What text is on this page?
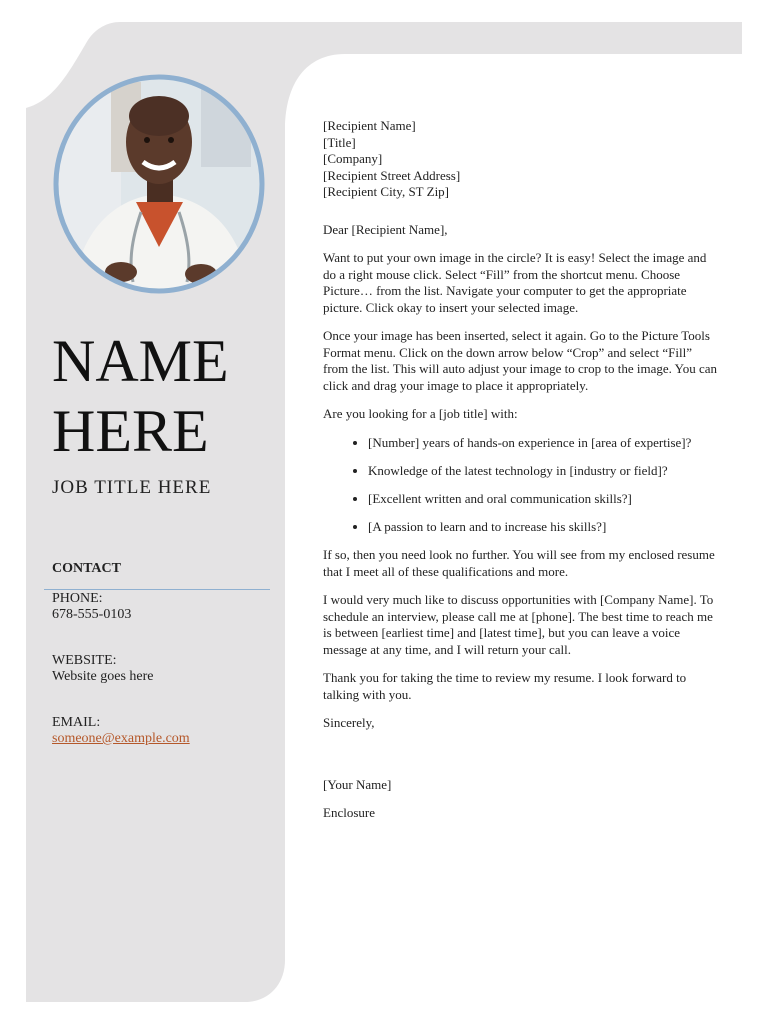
NAME
HERE
JOB TITLE HERE
CONTACT
PHONE:
678-555-0103
WEBSITE:
Website goes here
EMAIL:
someone@example.com
[Recipient Name]
[Title]
[Company]
[Recipient Street Address]
[Recipient City, ST Zip]

Dear [Recipient Name],

Want to put your own image in the circle? It is easy! Select the image and do a right mouse click. Select “Fill” from the shortcut menu. Choose Picture… from the list. Navigate your computer to get the appropriate picture. Click okay to insert your selected image.

Once your image has been inserted, select it again. Go to the Picture Tools Format menu. Click on the down arrow below “Crop” and select “Fill” from the list. This will auto adjust your image to crop to the image. You can click and drag your image to place it appropriately.

Are you looking for a [job title] with:

• [Number] years of hands-on experience in [area of expertise]?
• Knowledge of the latest technology in [industry or field]?
• [Excellent written and oral communication skills?]
• [A passion to learn and to increase his skills?]

If so, then you need look no further. You will see from my enclosed resume that I meet all of these qualifications and more.

I would very much like to discuss opportunities with [Company Name]. To schedule an interview, please call me at [phone]. The best time to reach me is between [earliest time] and [latest time], but you can leave a voice message at any time, and I will return your call.

Thank you for taking the time to review my resume. I look forward to talking with you.

Sincerely,

[Your Name]

Enclosure
